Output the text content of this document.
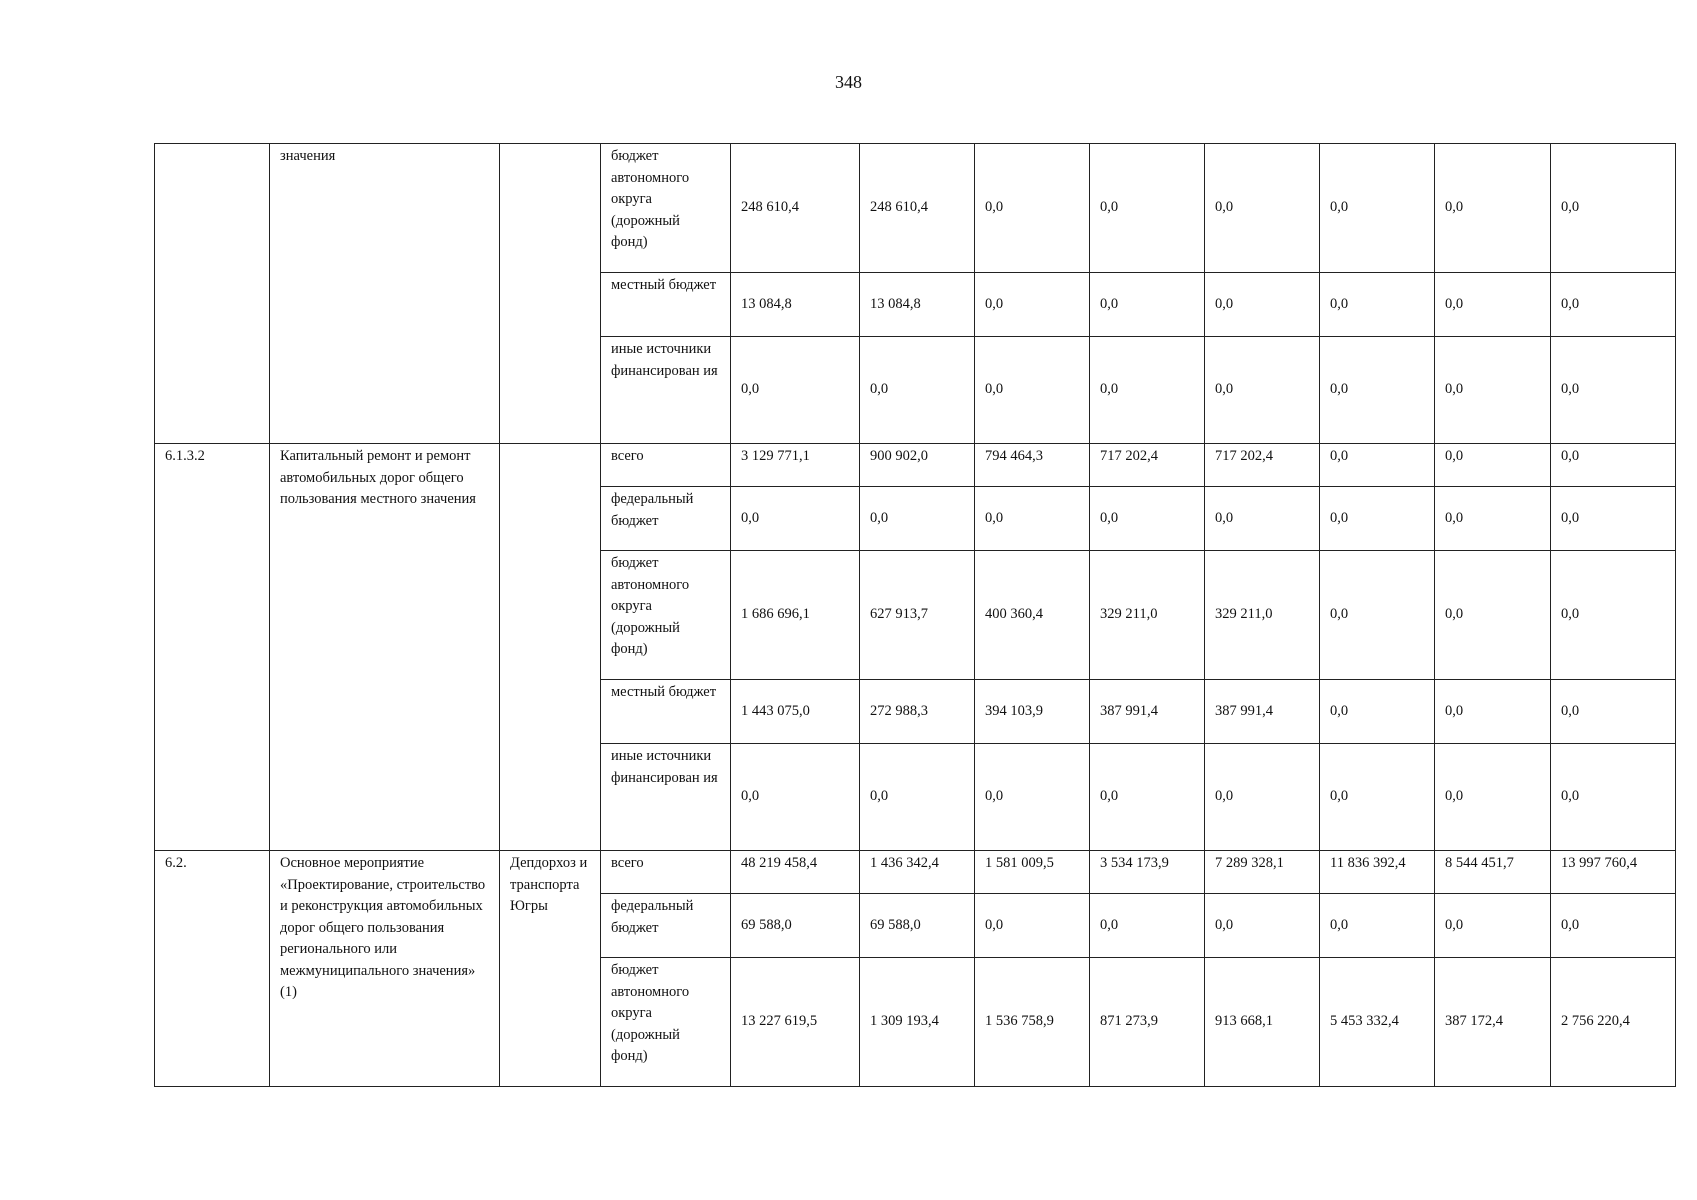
348
	значения		бюджет автономного округа (дорожный фонд)	248 610,4	248 610,4	0,0	0,0	0,0	0,0	0,0	0,0
			местный бюджет	13 084,8	13 084,8	0,0	0,0	0,0	0,0	0,0	0,0
			иные источники финансирован ия	0,0	0,0	0,0	0,0	0,0	0,0	0,0	0,0
6.1.3.2	Капитальный ремонт и ремонт автомобильных дорог общего пользования местного значения		всего	3 129 771,1	900 902,0	794 464,3	717 202,4	717 202,4	0,0	0,0	0,0
			федеральный бюджет	0,0	0,0	0,0	0,0	0,0	0,0	0,0	0,0
			бюджет автономного округа (дорожный фонд)	1 686 696,1	627 913,7	400 360,4	329 211,0	329 211,0	0,0	0,0	0,0
			местный бюджет	1 443 075,0	272 988,3	394 103,9	387 991,4	387 991,4	0,0	0,0	0,0
			иные источники финансирован ия	0,0	0,0	0,0	0,0	0,0	0,0	0,0	0,0
6.2.	Основное мероприятие «Проектирование, строительство и реконструкция автомобильных дорог общего пользования регионального или межмуниципального значения» (1)	Депдорхоз и транспорта Югры	всего	48 219 458,4	1 436 342,4	1 581 009,5	3 534 173,9	7 289 328,1	11 836 392,4	8 544 451,7	13 997 760,4
			федеральный бюджет	69 588,0	69 588,0	0,0	0,0	0,0	0,0	0,0	0,0
			бюджет автономного округа (дорожный фонд)	13 227 619,5	1 309 193,4	1 536 758,9	871 273,9	913 668,1	5 453 332,4	387 172,4	2 756 220,4
